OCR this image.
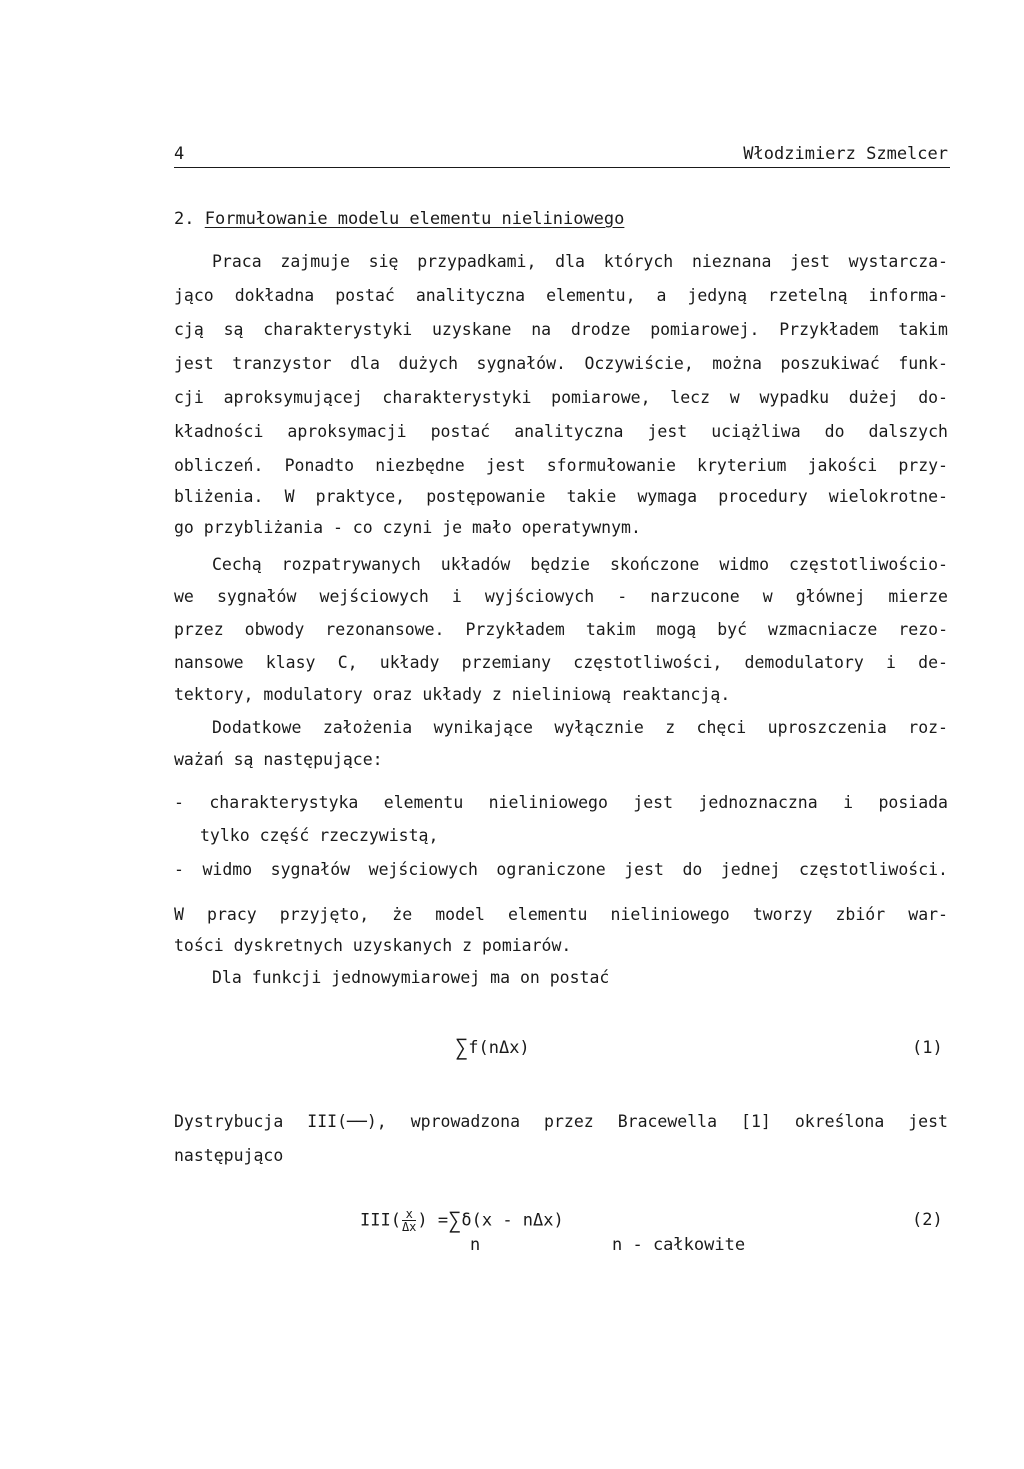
4	Włodzimierz Szmelcer
2. Formułowanie modelu elementu nieliniowego
Praca zajmuje się przypadkami, dla których nieznana jest wystarcza-
jąco dokładna postać analityczna elementu, a jedyną rzetelną informa-
cją są charakterystyki uzyskane na drodze pomiarowej. Przykładem takim
jest tranzystor dla dużych sygnałów. Oczywiście, można poszukiwać funk-
cji aproksymującej charakterystyki pomiarowe, lecz w wypadku dużej do-
kładności aproksymacji postać analityczna jest uciążliwa do dalszych
obliczeń. Ponadto niezbędne jest sformułowanie kryterium jakości przy-
bliżenia. W praktyce, postępowanie takie wymaga procedury wielokrotne-
go przybliżania - co czyni je mało operatywnym.
Cechą rozpatrywanych układów będzie skończone widmo częstotliwościo-
we sygnałów wejściowych i wyjściowych - narzucone w głównej mierze
przez obwody rezonansowe. Przykładem takim mogą być wzmacniacze rezo-
nansowe klasy C, układy przemiany częstotliwości, demodulatory i de-
tektory, modulatory oraz układy z nieliniową reaktancją.
Dodatkowe założenia wynikające wyłącznie z chęci uproszczenia roz-
ważań są następujące:
- charakterystyka elementu nieliniowego jest jednoznaczna i posiada
tylko część rzeczywistą,
- widmo sygnałów wejściowych ograniczone jest do jednej częstotliwości.
W pracy przyjęto, że model elementu nieliniowego tworzy zbiór war-
tości dyskretnych uzyskanych z pomiarów.
Dla funkcji jednowymiarowej ma on postać
∑f(nΔx)	(1)
Dystrybucja III(──), wprowadzona przez Bracewella [1] określona jest
następująco
$III( \frac{x}{\Delta x}$ ) =∑δ(x - nΔx)
n	n - całkowite
(2)
